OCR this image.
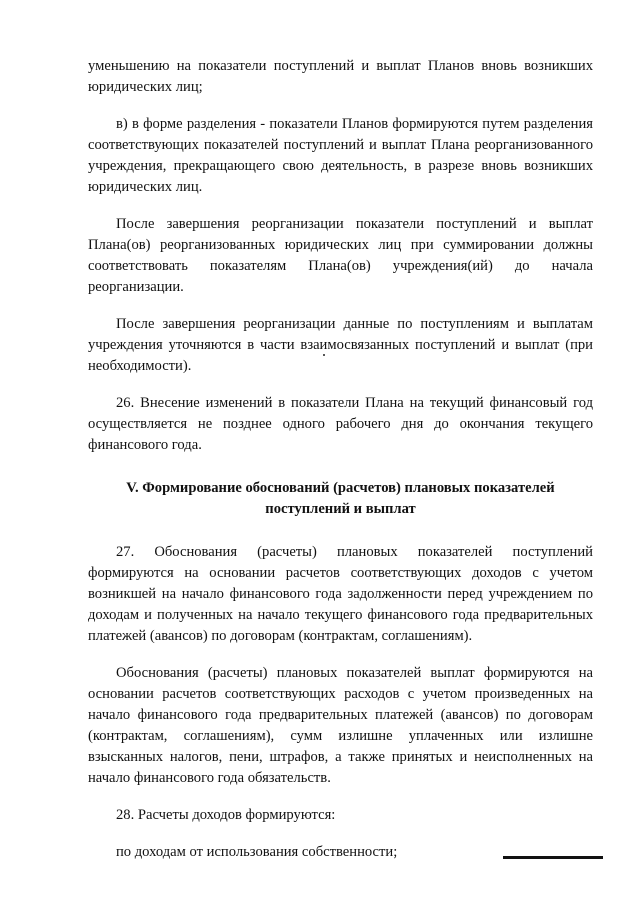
уменьшению на показатели поступлений и выплат Планов вновь возникших юридических лиц;

в) в форме разделения - показатели Планов формируются путем разделения соответствующих показателей поступлений и выплат Плана реорганизованного учреждения, прекращающего свою деятельность, в разрезе вновь возникших юридических лиц.

После завершения реорганизации показатели поступлений и выплат Плана(ов) реорганизованных юридических лиц при суммировании должны соответствовать показателям Плана(ов) учреждения(ий) до начала реорганизации.

После завершения реорганизации данные по поступлениям и выплатам учреждения уточняются в части взаимосвязанных поступлений и выплат (при необходимости).

26. Внесение изменений в показатели Плана на текущий финансовый год осуществляется не позднее одного рабочего дня до окончания текущего финансового года.

V. Формирование обоснований (расчетов) плановых показателей
поступлений и выплат

27. Обоснования (расчеты) плановых показателей поступлений формируются на основании расчетов соответствующих доходов с учетом возникшей на начало финансового года задолженности перед учреждением по доходам и полученных на начало текущего финансового года предварительных платежей (авансов) по договорам (контрактам, соглашениям).

Обоснования (расчеты) плановых показателей выплат формируются на основании расчетов соответствующих расходов с учетом произведенных на начало финансового года предварительных платежей (авансов) по договорам (контрактам, соглашениям), сумм излишне уплаченных или излишне взысканных налогов, пени, штрафов, а также принятых и неисполненных на начало финансового года обязательств.

28. Расчеты доходов формируются:

по доходам от использования собственности;
